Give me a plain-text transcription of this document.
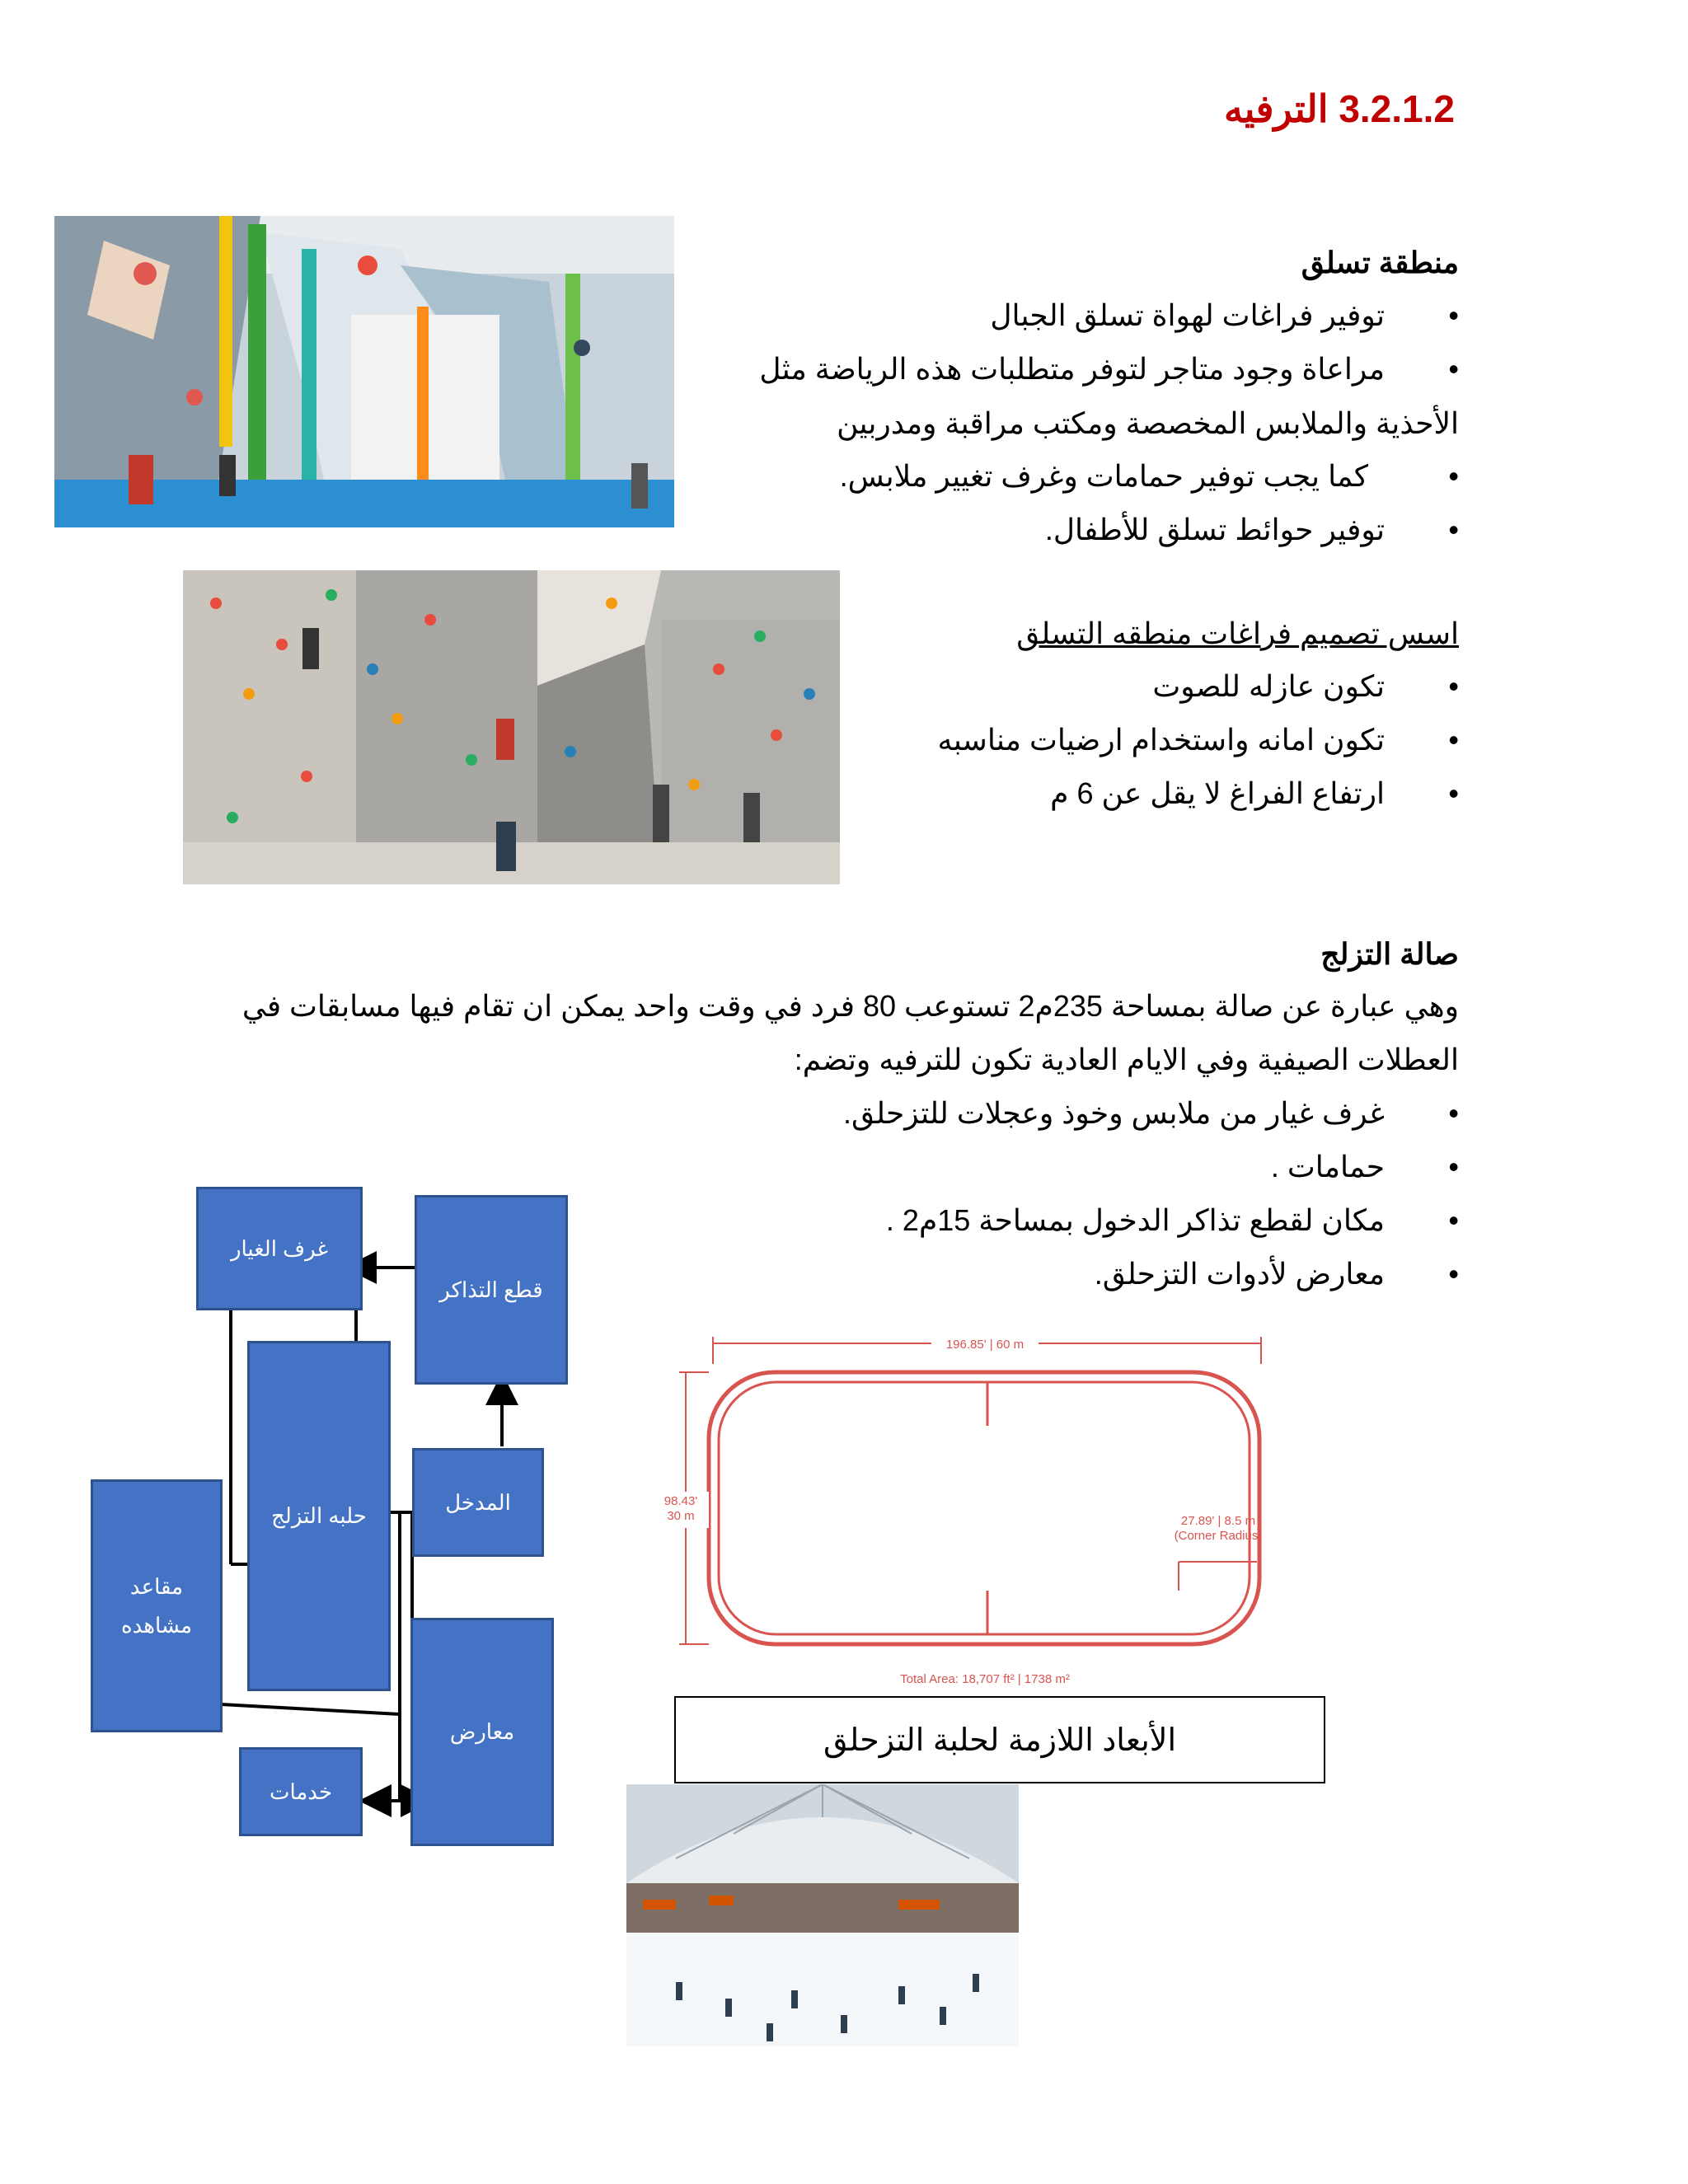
3.2.1.2 الترفيه
منطقة تسلق
•
توفير فراغات لهواة تسلق الجبال
•
مراعاة وجود متاجر لتوفر متطلبات هذه الرياضة مثل
الأحذية والملابس المخصصة ومكتب مراقبة ومدربين
•
كما يجب توفير حمامات وغرف تغيير ملابس.
•
توفير حوائط تسلق للأطفال.
اسس تصميم فراغات منطقه التسلق
•
تكون عازله للصوت
•
تكون امانه واستخدام ارضيات مناسبه
•
ارتفاع الفراغ لا يقل عن 6 م
صالة التزلج
وهي عبارة عن صالة بمساحة 235م2 تستوعب 80 فرد في وقت واحد يمكن ان تقام فيها مسابقات في
العطلات الصيفية وفي الايام العادية تكون للترفيه وتضم:
•
غرف غيار من ملابس وخوذ وعجلات للتزحلق.
•
حمامات .
•
مكان لقطع تذاكر الدخول بمساحة 15م2 .
•
معارض لأدوات التزحلق.
غرف الغيار
قطع التذاكر
حلبه التزلج
المدخل
مقاعد
مشاهده
معارض
خدمات
196.85' | 60 m
98.43'
30 m	27.89' | 8.5 m
(Corner Radius)
Total Area: 18,707 ft² | 1738 m²
الأبعاد اللازمة لحلبة التزحلق
